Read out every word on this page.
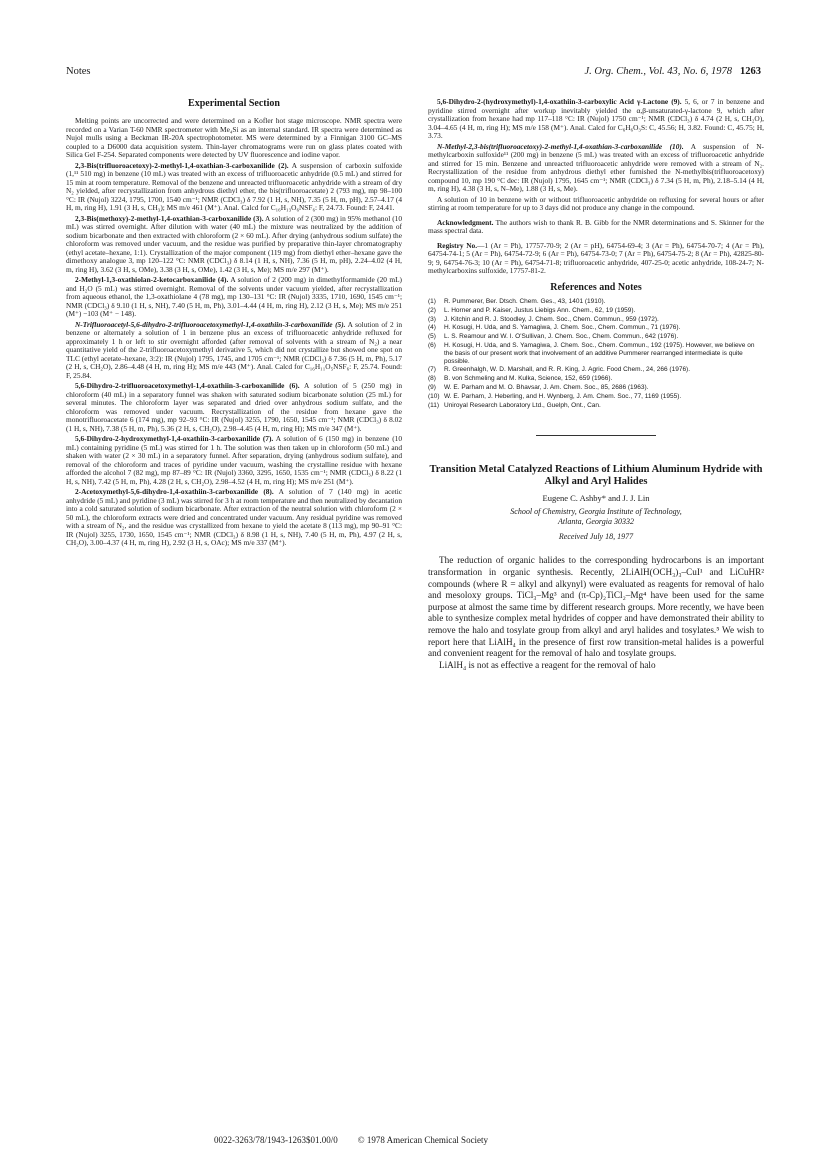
Notes	J. Org. Chem., Vol. 43, No. 6, 1978 1263
Experimental Section

Melting points are uncorrected and were determined on a Kofler hot stage microscope. NMR spectra were recorded on a Varian T-60 NMR spectrometer with Me₄Si as an internal standard. IR spectra were determined as Nujol mulls using a Beckman IR-20A spectrophotometer. MS were determined by a Finnigan 3100 GC–MS coupled to a D6000 data acquisition system. Thin-layer chromatograms were run on glass plates coated with Silica Gel F-254. Separated components were detected by UV fluorescence and iodine vapor.

2,3-Bis(trifluoroacetoxy)-2-methyl-1,4-oxathian-3-carboxanilide (2). A suspension of carboxin sulfoxide (1,¹¹ 510 mg) in benzene (10 mL) was treated with an excess of trifluoroacetic anhydride (0.5 mL) and stirred for 15 min at room temperature. Removal of the benzene and unreacted trifluoroacetic anhydride with a stream of dry N₂ yielded, after recrystallization from anhydrous diethyl ether, the bis(trifluoroacetate) 2 (793 mg), mp 98–100 °C: IR (Nujol) 3224, 1795, 1700, 1540 cm⁻¹; NMR (CDCl₃) δ 7.92 (1 H, s, NH), 7.35 (5 H, m, pH), 2.57–4.17 (4 H, m, ring H), 1.91 (3 H, s, CH₃); MS m/e 461 (M⁺). Anal. Calcd for C₁₆H₁₃O₆NSF₆: F, 24.73. Found: F, 24.41.

2,3-Bis(methoxy)-2-methyl-1,4-oxathian-3-carboxanilide (3). A solution of 2 (300 mg) in 95% methanol (10 mL) was stirred overnight. After dilution with water (40 mL) the mixture was neutralized by the addition of sodium bicarbonate and then extracted with chloroform (2 × 60 mL). After drying (anhydrous sodium sulfate) the chloroform was removed under vacuum, and the residue was purified by preparative thin-layer chromatography (ethyl acetate–hexane, 1:1). Crystallization of the major component (119 mg) from diethyl ether–hexane gave the dimethoxy analogue 3, mp 120–122 °C: NMR (CDCl₃) δ 8.14 (1 H, s, NH), 7.36 (5 H, m, pH), 2.24–4.02 (4 H, m, ring H), 3.62 (3 H, s, OMe), 3.38 (3 H, s, OMe), 1.42 (3 H, s, Me); MS m/e 297 (M⁺).

2-Methyl-1,3-oxathiolan-2-ketocarboxanilide (4). A solution of 2 (200 mg) in dimethylformamide (20 mL) and H₂O (5 mL) was stirred overnight. Removal of the solvents under vacuum yielded, after recrystallization from aqueous ethanol, the 1,3-oxathiolane 4 (78 mg), mp 130–131 °C: IR (Nujol) 3335, 1710, 1690, 1545 cm⁻¹; NMR (CDCl₃) δ 9.10 (1 H, s, NH), 7.40 (5 H, m, Ph), 3.01–4.44 (4 H, m, ring H), 2.12 (3 H, s, Me); MS m/e 251 (M⁺) −103 (M⁺ − 148).

N-Trifluoroacetyl-5,6-dihydro-2-trifluoroacetoxymethyl-1,4-oxathiin-3-carboxanilide (5). A solution of 2 in benzene or alternately a solution of 1 in benzene plus an excess of trifluoroacetic anhydride refluxed for approximately 1 h or left to stir overnight afforded (after removal of solvents with a stream of N₂) a near quantitative yield of the 2-trifluoroacetoxymethyl derivative 5, which did not crystallize but showed one spot on TLC (ethyl acetate–hexane, 3:2): IR (Nujol) 1795, 1745, and 1705 cm⁻¹; NMR (CDCl₃) δ 7.36 (5 H, m, Ph), 5.17 (2 H, s, CH₂O), 2.86–4.48 (4 H, m, ring H); MS m/e 443 (M⁺). Anal. Calcd for C₁₆H₁₁O₅NSF₆: F, 25.74. Found: F, 25.84.

5,6-Dihydro-2-trifluoroacetoxymethyl-1,4-oxathiin-3-carboxanilide (6). A solution of 5 (250 mg) in chloroform (40 mL) in a separatory funnel was shaken with saturated sodium bicarbonate solution (25 mL) for several minutes. The chloroform layer was separated and dried over anhydrous sodium sulfate, and the chloroform was removed under vacuum. Recrystallization of the residue from hexane gave the monotrifluoroacetate 6 (174 mg), mp 92–93 °C: IR (Nujol) 3255, 1790, 1650, 1545 cm⁻¹; NMR (CDCl₃) δ 8.02 (1 H, s, NH), 7.38 (5 H, m, Ph), 5.36 (2 H, s, CH₂O), 2.98–4.45 (4 H, m, ring H); MS m/e 347 (M⁺).

5,6-Dihydro-2-hydroxymethyl-1,4-oxathiin-3-carboxanilide (7). A solution of 6 (150 mg) in benzene (10 mL) containing pyridine (5 mL) was stirred for 1 h. The solution was then taken up in chloroform (50 mL) and shaken with water (2 × 30 mL) in a separatory funnel. After separation, drying (anhydrous sodium sulfate), and removal of the chloroform and traces of pyridine under vacuum, washing the crystalline residue with hexane afforded the alcohol 7 (82 mg), mp 87–89 °C: IR (Nujol) 3360, 3295, 1650, 1535 cm⁻¹; NMR (CDCl₃) δ 8.22 (1 H, s, NH), 7.42 (5 H, m, Ph), 4.28 (2 H, s, CH₂O), 2.98–4.52 (4 H, m, ring H); MS m/e 251 (M⁺).

2-Acetoxymethyl-5,6-dihydro-1,4-oxathiin-3-carboxanilide (8). A solution of 7 (140 mg) in acetic anhydride (5 mL) and pyridine (3 mL) was stirred for 3 h at room temperature and then neutralized by decantation into a cold saturated solution of sodium bicarbonate. After extraction of the neutral solution with chloroform (2 × 50 mL), the chloroform extracts were dried and concentrated under vacuum. Any residual pyridine was removed with a stream of N₂, and the residue was crystallized from hexane to yield the acetate 8 (113 mg), mp 90–91 °C: IR (Nujol) 3255, 1730, 1650, 1545 cm⁻¹; NMR (CDCl₃) δ 8.98 (1 H, s, NH), 7.40 (5 H, m, Ph), 4.97 (2 H, s, CH₂O), 3.00–4.37 (4 H, m, ring H), 2.92 (3 H, s, OAc); MS m/e 337 (M⁺).

5,6-Dihydro-2-(hydroxymethyl)-1,4-oxathiin-3-carboxylic Acid γ-Lactone (9). 5, 6, or 7 in benzene and pyridine stirred overnight after workup inevitably yielded the α,β-unsaturated-γ-lactone 9, which after crystallization from hexane had mp 117–118 °C: IR (Nujol) 1750 cm⁻¹; NMR (CDCl₃) δ 4.74 (2 H, s, CH₂O), 3.04–4.65 (4 H, m, ring H); MS m/e 158 (M⁺). Anal. Calcd for C₆H₆O₃S: C, 45.56; H, 3.82. Found: C, 45.75; H, 3.73.

N-Methyl-2,3-bis(trifluoroacetoxy)-2-methyl-1,4-oxathian-3-carboxanilide (10). A suspension of N-methylcarboxin sulfoxide¹¹ (200 mg) in benzene (5 mL) was treated with an excess of trifluoroacetic anhydride and stirred for 15 min. Benzene and unreacted trifluoroacetic anhydride were removed with a stream of N₂. Recrystallization of the residue from anhydrous diethyl ether furnished the N-methylbis(trifluoroacetoxy) compound 10, mp 190 °C dec: IR (Nujol) 1795, 1645 cm⁻¹; NMR (CDCl₃) δ 7.34 (5 H, m, Ph), 2.18–5.14 (4 H, m, ring H), 4.38 (3 H, s, N–Me), 1.88 (3 H, s, Me).

A solution of 10 in benzene with or without trifluoroacetic anhydride on refluxing for several hours or after stirring at room temperature for up to 3 days did not produce any change in the compound.

Acknowledgment. The authors wish to thank R. B. Gibb for the NMR determinations and S. Skinner for the mass spectral data.

Registry No.—1 (Ar = Ph), 17757-70-9; 2 (Ar = pH), 64754-69-4; 3 (Ar = Ph), 64754-70-7; 4 (Ar = Ph), 64754-74-1; 5 (Ar = Ph), 64754-72-9; 6 (Ar = Ph), 64754-73-0; 7 (Ar = Ph), 64754-75-2; 8 (Ar = Ph), 42825-80-9; 9, 64754-76-3; 10 (Ar = Ph), 64754-71-8; trifluoroacetic anhydride, 407-25-0; acetic anhydride, 108-24-7; N-methylcarboxins sulfoxide, 17757-81-2.

References and Notes
(1)	R. Pummerer, Ber. Dtsch. Chem. Ges., 43, 1401 (1910).
(2)	L. Horner and P. Kaiser, Justus Liebigs Ann. Chem., 62, 19 (1959).
(3)	J. Kitchin and R. J. Stoodley, J. Chem. Soc., Chem. Commun., 959 (1972).
(4)	H. Kosugi, H. Uda, and S. Yamagiwa, J. Chem. Soc., Chem. Commun., 71 (1976).
(5)	L. S. Reamour and W. I. O'Sullivan, J. Chem. Soc., Chem. Commun., 642 (1976).
(6)	H. Kosugi, H. Uda, and S. Yamagiwa, J. Chem. Soc., Chem. Commun., 192 (1975). However, we believe on the basis of our present work that involvement of an additive Pummerer rearranged intermediate is quite possible.
(7)	R. Greenhalgh, W. D. Marshall, and R. R. King, J. Agric. Food Chem., 24, 266 (1976).
(8)	B. von Schmeling and M. Kulka, Science, 152, 659 (1966).
(9)	W. E. Parham and M. O. Bhavsar, J. Am. Chem. Soc., 85, 2686 (1963).
(10) W. E. Parham, J. Heberling, and H. Wynberg, J. Am. Chem. Soc., 77, 1169 (1955).
(11) Uniroyal Research Laboratory Ltd., Guelph, Ont., Can.
Transition Metal Catalyzed Reactions of Lithium Aluminum Hydride with Alkyl and Aryl Halides
Eugene C. Ashby* and J. J. Lin
School of Chemistry, Georgia Institute of Technology,
Atlanta, Georgia 30332
Received July 18, 1977

The reduction of organic halides to the corresponding hydrocarbons is an important transformation in organic synthesis. Recently, 2LiAlH(OCH₃)₃–CuI¹ and LiCuHR² compounds (where R = alkyl and alkynyl) were evaluated as reagents for removal of halo and mesoloxy groups. TiCl₃–Mg³ and (π-Cp)₂TiCl₂–Mg⁴ have been used for the same purpose at almost the same time by different research groups. More recently, we have been able to synthesize complex metal hydrides of copper and have demonstrated their ability to remove the halo and tosylate group from alkyl and aryl halides and tosylates.⁵ We wish to report here that LiAlH₄ in the presence of first row transition-metal halides is a powerful and convenient reagent for the removal of halo and tosylate groups.

LiAlH₄ is not as effective a reagent for the removal of halo

0022-3263/78/1943-1263$01.00/0 © 1978 American Chemical Society
